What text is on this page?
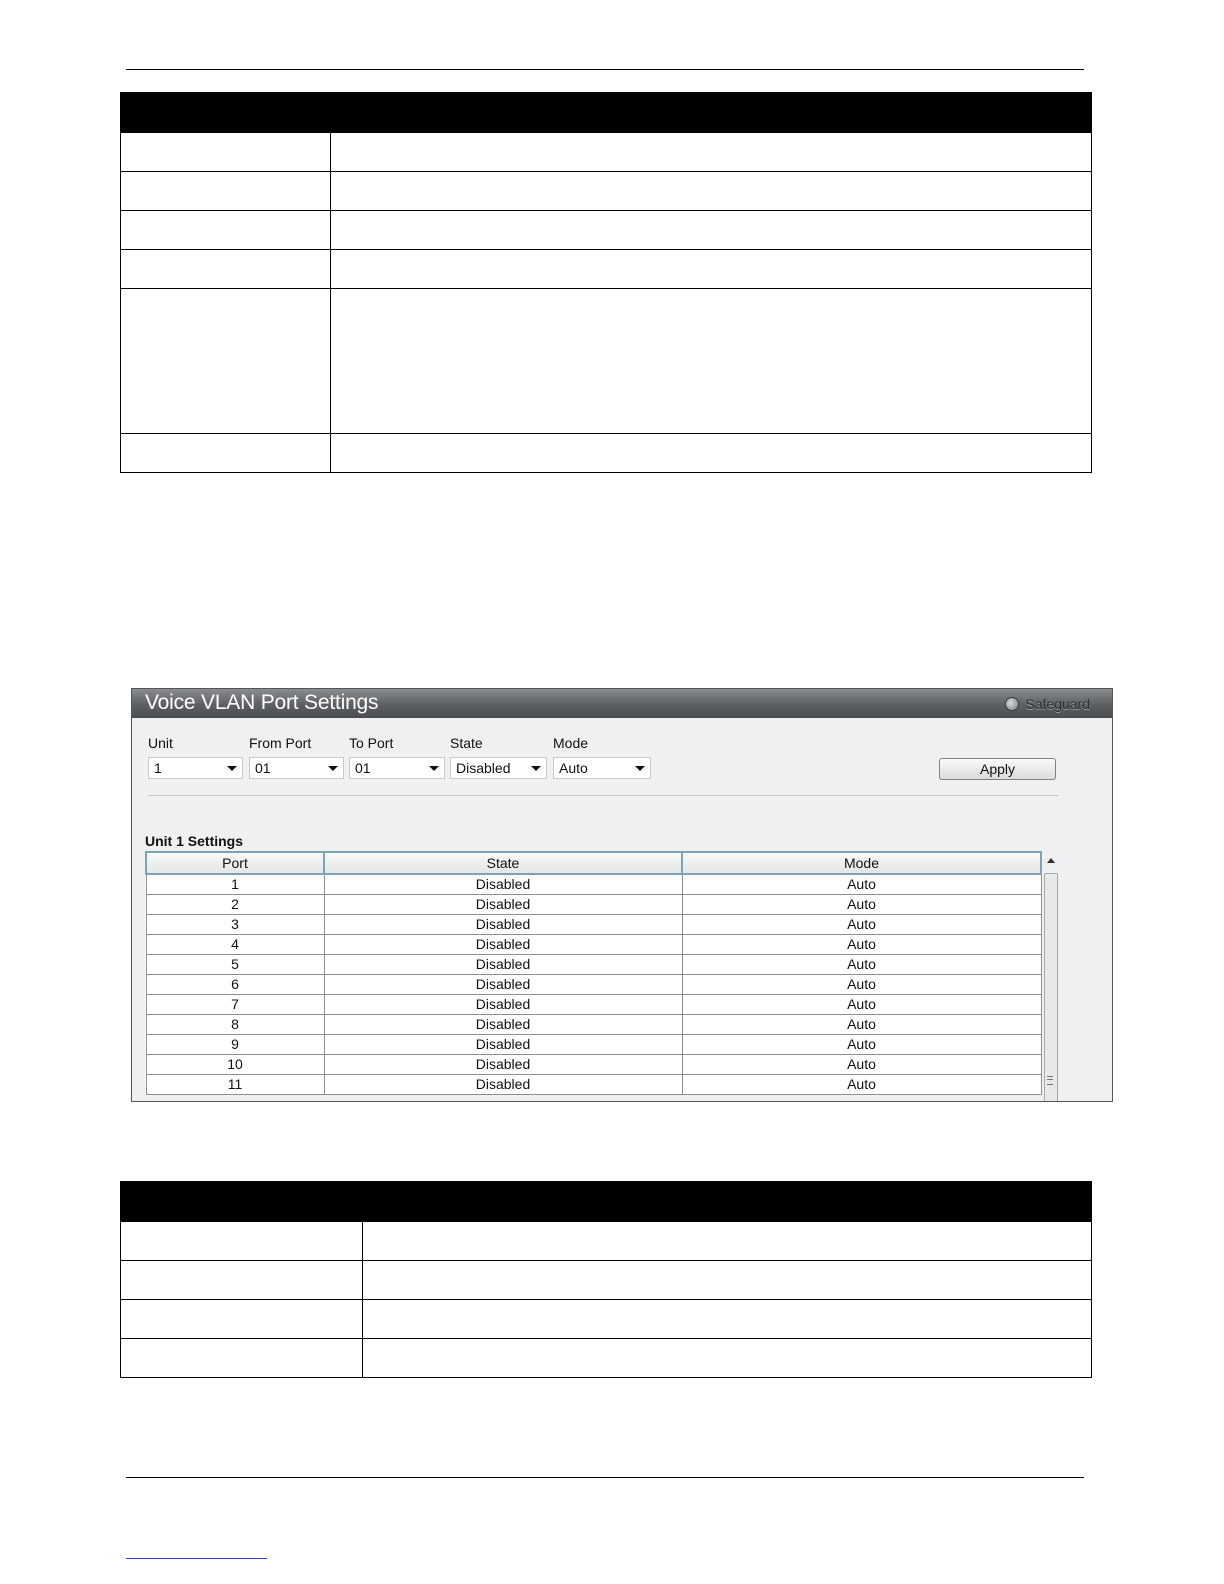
Voice VLAN Port Settings	Safeguard
Unit	From Port	To Port	State	Mode
1	01	01	Disabled	Auto	Apply
Unit 1 Settings
Port	State	Mode
1	Disabled	Auto
2	Disabled	Auto
3	Disabled	Auto
4	Disabled	Auto
5	Disabled	Auto
6	Disabled	Auto
7	Disabled	Auto
8	Disabled	Auto
9	Disabled	Auto
10	Disabled	Auto
11	Disabled	Auto
